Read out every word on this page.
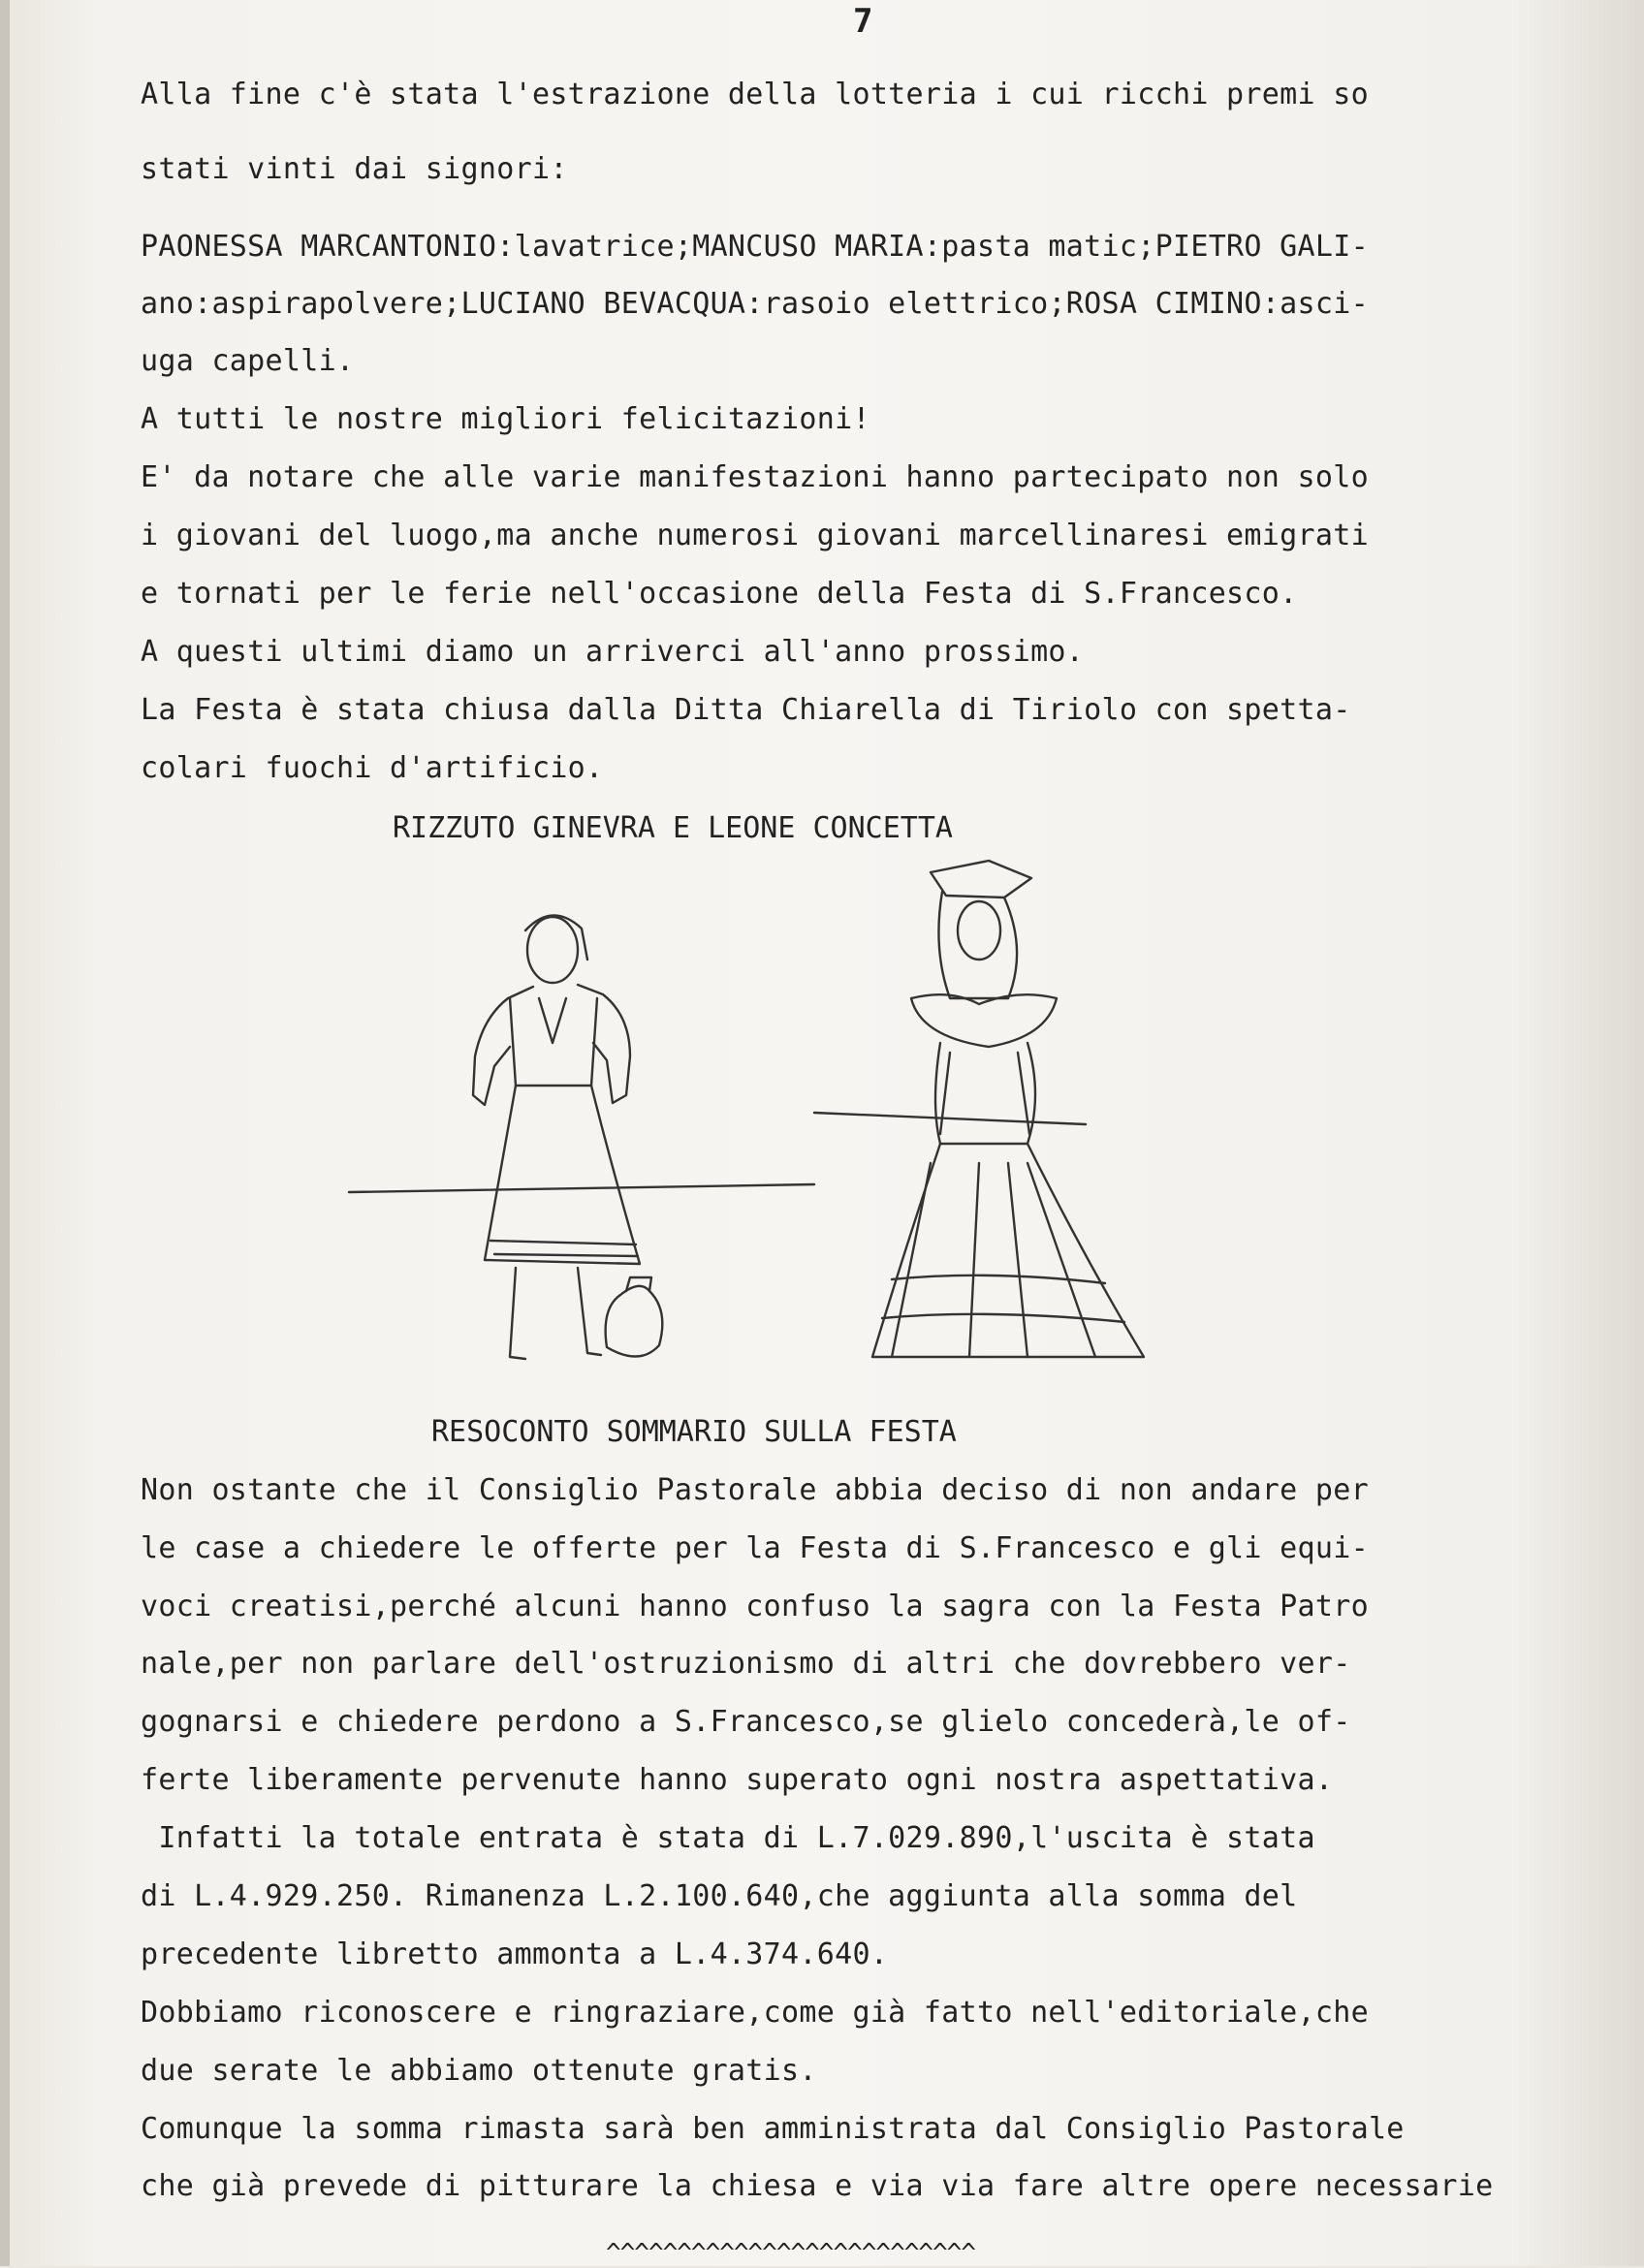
7
Alla fine c'è stata l'estrazione della lotteria i cui ricchi premi so
stati vinti dai signori:
PAONESSA MARCANTONIO:lavatrice;MANCUSO MARIA:pasta matic;PIETRO GALI-
ano:aspirapolvere;LUCIANO BEVACQUA:rasoio elettrico;ROSA CIMINO:asci-
uga capelli.
A tutti le nostre migliori felicitazioni!
E' da notare che alle varie manifestazioni hanno partecipato non solo
i giovani del luogo,ma anche numerosi giovani marcellinaresi emigrati
e tornati per le ferie nell'occasione della Festa di S.Francesco.
A questi ultimi diamo un arriverci all'anno prossimo.
La Festa è stata chiusa dalla Ditta Chiarella di Tiriolo con spetta-
colari fuochi d'artificio.
RIZZUTO GINEVRA E LEONE CONCETTA
RESOCONTO SOMMARIO SULLA FESTA
Non ostante che il Consiglio Pastorale abbia deciso di non andare per
le case a chiedere le offerte per la Festa di S.Francesco e gli equi-
voci creatisi,perché alcuni hanno confuso la sagra con la Festa Patro
nale,per non parlare dell'ostruzionismo di altri che dovrebbero ver-
gognarsi e chiedere perdono a S.Francesco,se glielo concederà,le of-
ferte liberamente pervenute hanno superato ogni nostra aspettativa.
Infatti la totale entrata è stata di L.7.029.890,l'uscita è stata
di L.4.929.250. Rimanenza L.2.100.640,che aggiunta alla somma del
precedente libretto ammonta a L.4.374.640.
Dobbiamo riconoscere e ringraziare,come già fatto nell'editoriale,che
due serate le abbiamo ottenute gratis.
Comunque la somma rimasta sarà ben amministrata dal Consiglio Pastorale
che già prevede di pitturare la chiesa e via via fare altre opere necessarie
^^^^^^^^^^^^^^^^^^^^^^^^^^
